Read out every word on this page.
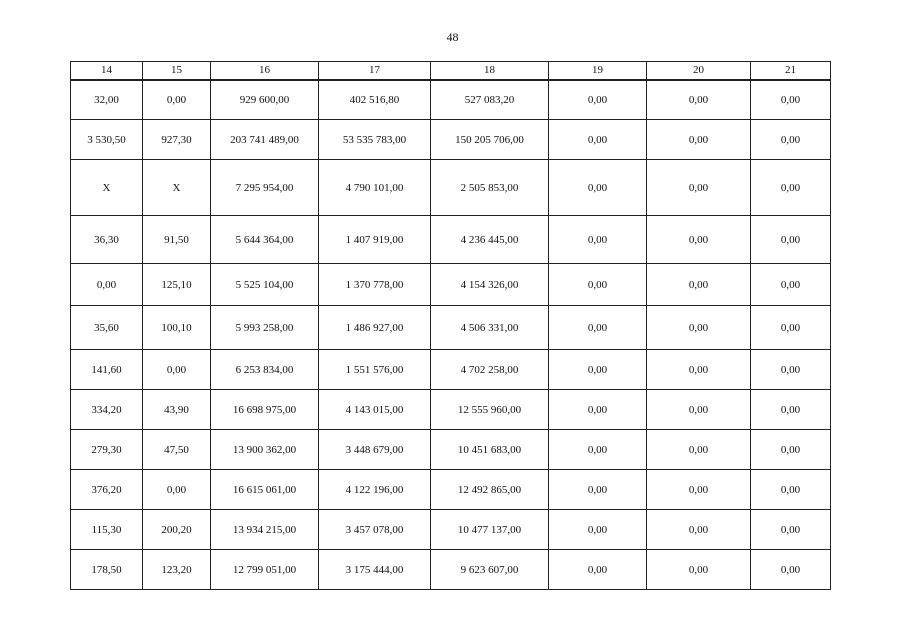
48
14	15	16	17	18	19	20	21
32,00	0,00	929 600,00	402 516,80	527 083,20	0,00	0,00	0,00
3 530,50	927,30	203 741 489,00	53 535 783,00	150 205 706,00	0,00	0,00	0,00
X	X	7 295 954,00	4 790 101,00	2 505 853,00	0,00	0,00	0,00
36,30	91,50	5 644 364,00	1 407 919,00	4 236 445,00	0,00	0,00	0,00
0,00	125,10	5 525 104,00	1 370 778,00	4 154 326,00	0,00	0,00	0,00
35,60	100,10	5 993 258,00	1 486 927,00	4 506 331,00	0,00	0,00	0,00
141,60	0,00	6 253 834,00	1 551 576,00	4 702 258,00	0,00	0,00	0,00
334,20	43,90	16 698 975,00	4 143 015,00	12 555 960,00	0,00	0,00	0,00
279,30	47,50	13 900 362,00	3 448 679,00	10 451 683,00	0,00	0,00	0,00
376,20	0,00	16 615 061,00	4 122 196,00	12 492 865,00	0,00	0,00	0,00
115,30	200,20	13 934 215,00	3 457 078,00	10 477 137,00	0,00	0,00	0,00
178,50	123,20	12 799 051,00	3 175 444,00	9 623 607,00	0,00	0,00	0,00
